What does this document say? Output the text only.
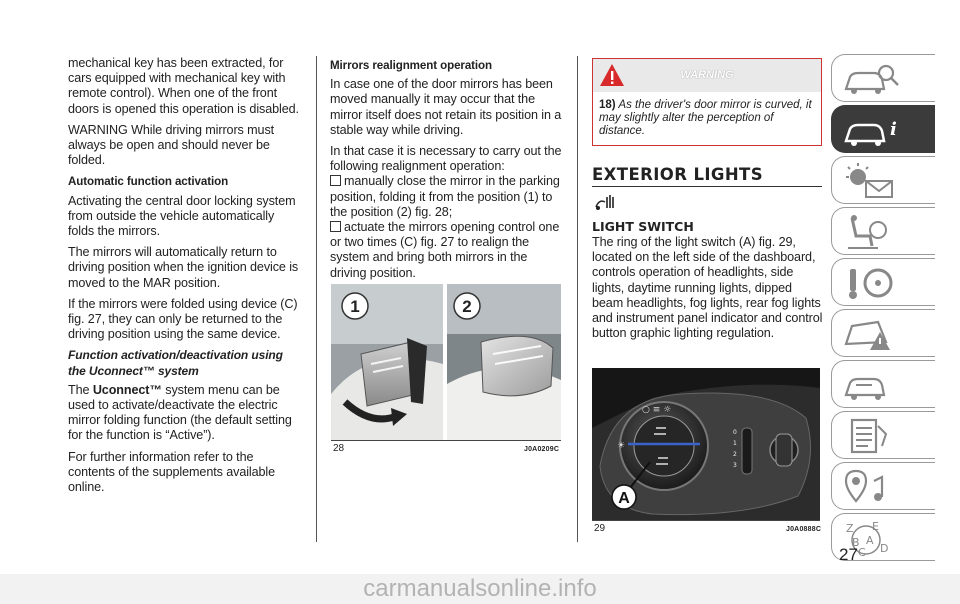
mechanical key has been extracted, for cars equipped with mechanical key with remote control). When one of the front doors is opened this operation is disabled.

WARNING While driving mirrors must always be open and should never be folded.

Automatic function activation

Activating the central door locking system from outside the vehicle automatically folds the mirrors.

The mirrors will automatically return to driving position when the ignition device is moved to the MAR position.

If the mirrors were folded using device (C) fig. 27, they can only be returned to the driving position using the same device.

Function activation/deactivation using the Uconnect™ system

The Uconnect™ system menu can be used to activate/deactivate the electric mirror folding function (the default setting for the function is “Active”).

For further information refer to the contents of the supplements available online.

Mirrors realignment operation

In case one of the door mirrors has been moved manually it may occur that the mirror itself does not retain its position in a stable way while driving.

In that case it is necessary to carry out the following realignment operation:

manually close the mirror in the parking position, folding it from the position (1) to the position (2) fig. 28;
actuate the mirrors opening control one or two times (C) fig. 27 to realign the system and bring both mirrors in the driving position.
1	2
28	J0A0209C
WARNING
18) As the driver's door mirror is curved, it may slightly alter the perception of distance.
EXTERIOR LIGHTS
LIGHT SWITCH

The ring of the light switch (A) fig. 29, located on the left side of the dashboard, controls operation of headlights, side lights, daytime running lights, dipped beam headlights, fog lights, rear fog lights and instrument panel indicator and control button graphic lighting regulation.

○ ≡ ☼
☀
0
1
2
3
A
29	J0A0888C
i
Z E
B A
C D
27
carmanualsonline.info
